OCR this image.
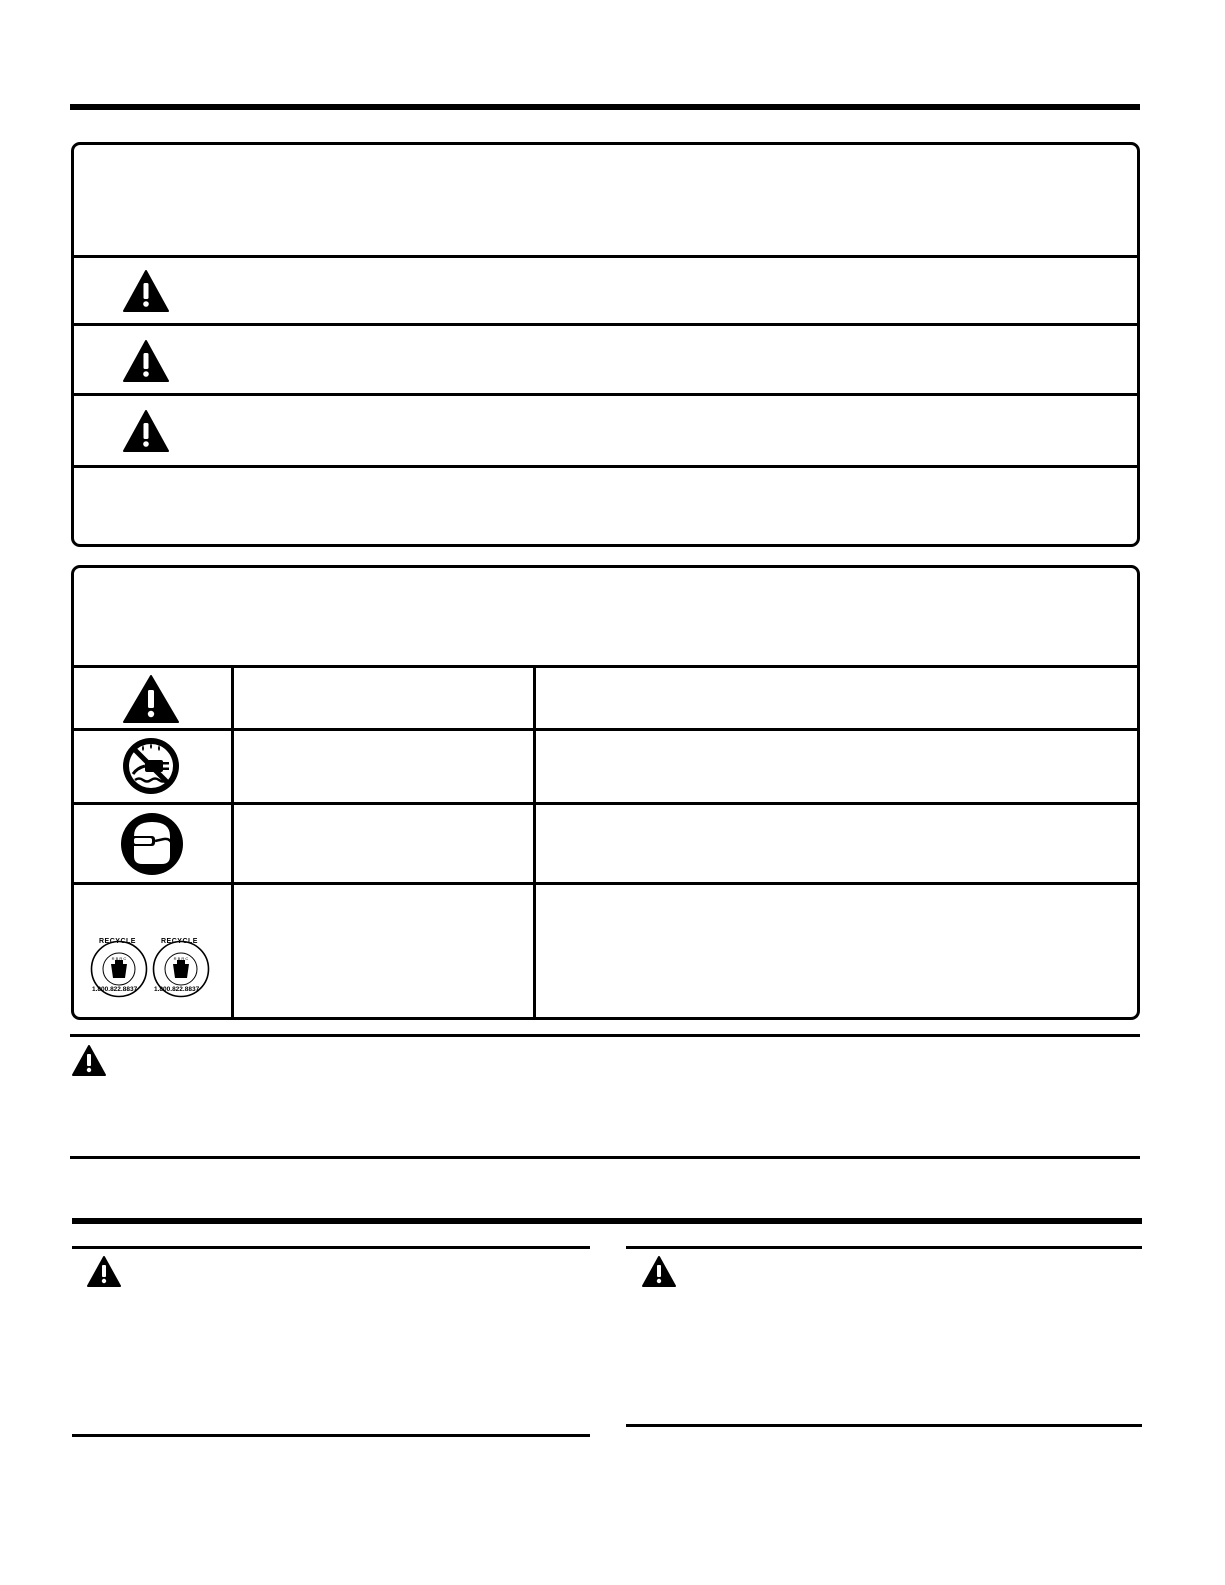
R B R C	R B R C
RECYCLE
1.800.822.8837
RECYCLE
1.800.822.8837
